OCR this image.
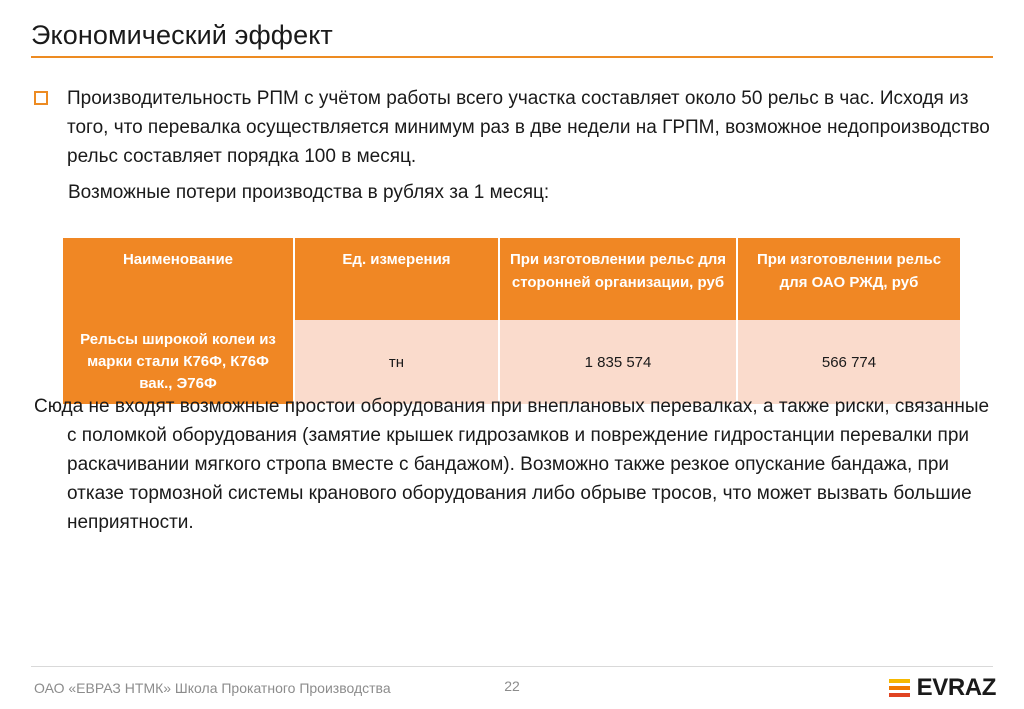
Экономический эффект
Производительность РПМ с учётом работы всего участка составляет около 50 рельс в час. Исходя из того, что перевалка осуществляется минимум раз в две недели на ГРПМ, возможное недопроизводство рельс составляет порядка 100 в месяц.
Возможные потери производства в рублях за 1 месяц:
Наименование	Ед. измерения	При изготовлении рельс для сторонней организации, руб	При изготовлении рельс для ОАО РЖД, руб
Рельсы широкой колеи из марки стали К76Ф, К76Ф вак., Э76Ф	тн	1 835 574	566 774
Сюда не входят возможные простои оборудования при внеплановых перевалках, а также риски, связанные с поломкой оборудования (замятие крышек гидрозамков и повреждение гидростанции перевалки при раскачивании мягкого стропа вместе с бандажом). Возможно также резкое опускание бандажа, при отказе тормозной системы кранового оборудования либо обрыве тросов, что может вызвать большие неприятности.
ОАО «ЕВРАЗ НТМК» Школа Прокатного Производства	22	EVRAZ
